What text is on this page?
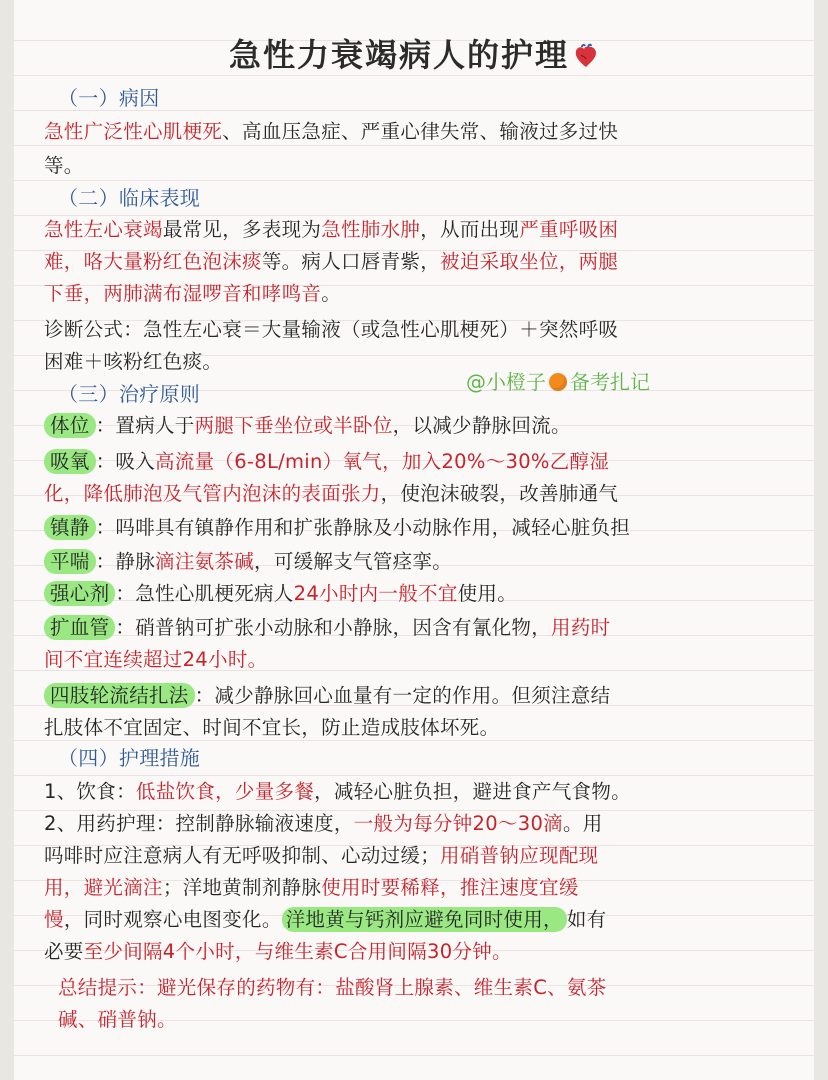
急性力衰竭病人的护理
（一）病因
急性广泛性心肌梗死、高血压急症、严重心律失常、输液过多过快
等。
（二）临床表现
急性左心衰竭最常见，多表现为急性肺水肿，从而出现严重呼吸困
难，咯大量粉红色泡沫痰等。病人口唇青紫，被迫采取坐位，两腿
下垂，两肺满布湿啰音和哮鸣音。
诊断公式：急性左心衰＝大量输液（或急性心肌梗死）＋突然呼吸
困难＋咳粉红色痰。
@小橙子 备考扎记
（三）治疗原则
体位 ：置病人于两腿下垂坐位或半卧位，以减少静脉回流。
吸氧 ：吸入高流量（6-8L/min）氧气，加入20%～30%乙醇湿
化，降低肺泡及气管内泡沫的表面张力，使泡沫破裂，改善肺通气
镇静 ：吗啡具有镇静作用和扩张静脉及小动脉作用，减轻心脏负担
平喘 ：静脉滴注氨茶碱，可缓解支气管痉挛。
强心剂 ：急性心肌梗死病人24小时内一般不宜使用。
扩血管 ：硝普钠可扩张小动脉和小静脉，因含有氰化物，用药时
间不宜连续超过24小时。
四肢轮流结扎法 ：减少静脉回心血量有一定的作用。但须注意结
扎肢体不宜固定、时间不宜长，防止造成肢体坏死。
（四）护理措施
1、饮食：低盐饮食，少量多餐，减轻心脏负担，避进食产气食物。
2、用药护理：控制静脉输液速度，一般为每分钟20～30滴。用
吗啡时应注意病人有无呼吸抑制、心动过缓；用硝普钠应现配现
用，避光滴注；洋地黄制剂静脉使用时要稀释，推注速度宜缓
慢，同时观察心电图变化。 洋地黄与钙剂应避免同时使用， 如有
必要至少间隔4个小时，与维生素C合用间隔30分钟。
总结提示：避光保存的药物有：盐酸肾上腺素、维生素C、氨茶
碱、硝普钠。
